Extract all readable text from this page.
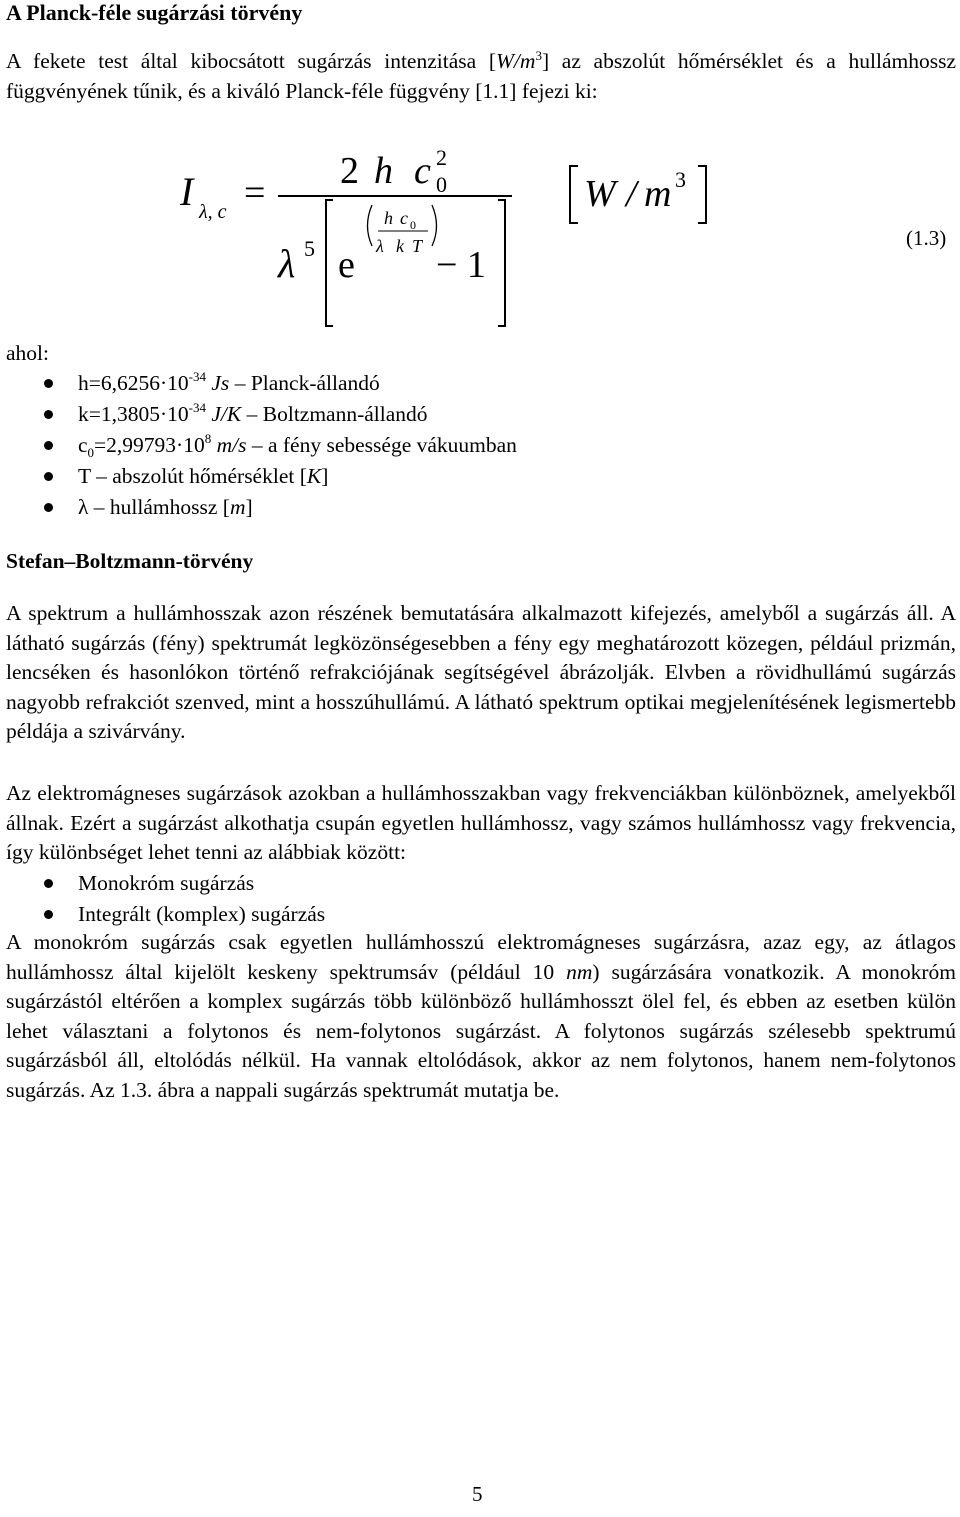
A Planck-féle sugárzási törvény

A fekete test által kibocsátott sugárzás intenzitása $[W/m^3]$ az abszolút hőmérséklet és a hullámhossz függvényének tűnik, és a kiváló Planck-féle függvény [1.1] fejezi ki:

I λ, c =
2 h c 2
0
λ 5 e
h c 0
λ k T − 1
W / m 3
(1.3)
ahol:
$h=6,6256\cdot 10^{-34}$ Js – Planck-állandó
$k=1,3805\cdot 10^{-34}$ J/K – Boltzmann-állandó
$c_0=2,99793\cdot 10^8$ m/s – a fény sebessége vákuumban
T – abszolút hőmérséklet [K]
λ – hullámhossz [m]
Stefan–Boltzmann-törvény

A spektrum a hullámhosszak azon részének bemutatására alkalmazott kifejezés, amelyből a sugárzás áll. A látható sugárzás (fény) spektrumát legközönségesebben a fény egy meghatározott közegen, például prizmán, lencséken és hasonlókon történő refrakciójának segítségével ábrázolják. Elvben a rövidhullámú sugárzás nagyobb refrakciót szenved, mint a hosszúhullámú. A látható spektrum optikai megjelenítésének legismertebb példája a szivárvány.

Az elektromágneses sugárzások azokban a hullámhosszakban vagy frekvenciákban különböznek, amelyekből állnak. Ezért a sugárzást alkothatja csupán egyetlen hullámhossz, vagy számos hullámhossz vagy frekvencia, így különbséget lehet tenni az alábbiak között:

Monokróm sugárzás
Integrált (komplex) sugárzás

A monokróm sugárzás csak egyetlen hullámhosszú elektromágneses sugárzásra, azaz egy, az átlagos hullámhossz által kijelölt keskeny spektrumsáv (például 10 nm) sugárzására vonatkozik. A monokróm sugárzástól eltérően a komplex sugárzás több különböző hullámhosszt ölel fel, és ebben az esetben külön lehet választani a folytonos és nem-folytonos sugárzást. A folytonos sugárzás szélesebb spektrumú sugárzásból áll, eltolódás nélkül. Ha vannak eltolódások, akkor az nem folytonos, hanem nem-folytonos sugárzás. Az 1.3. ábra a nappali sugárzás spektrumát mutatja be.

5
